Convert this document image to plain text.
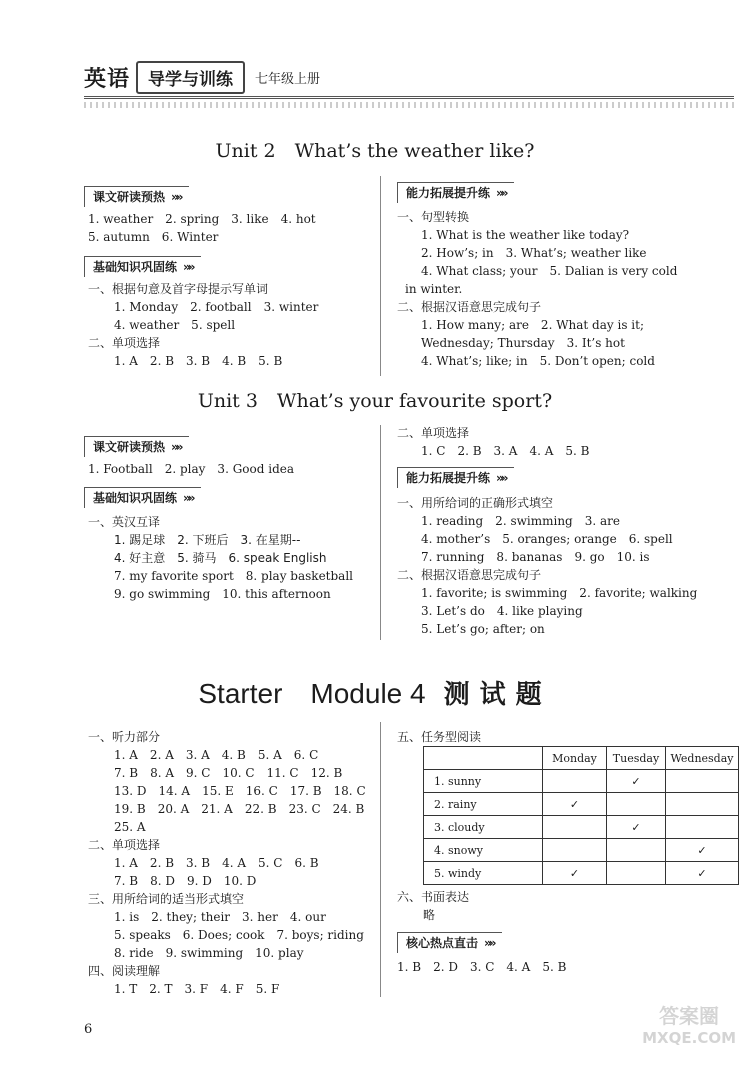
英语	导学与训练	七年级上册
Unit 2　What’s the weather like?
课文研读预热 »»
1. weather　2. spring　3. like　4. hot
5. autumn　6. Winter
基础知识巩固练 »»
一、根据句意及首字母提示写单词
1. Monday　2. football　3. winter
4. weather　5. spell
二、单项选择
1. A　2. B　3. B　4. B　5. B
能力拓展提升练 »»
一、句型转换
1. What is the weather like today?
2. How’s; in　3. What’s; weather like
4. What class; your　5. Dalian is very cold
in winter.
二、根据汉语意思完成句子
1. How many; are　2. What day is it;
Wednesday; Thursday　3. It’s hot
4. What’s; like; in　5. Don’t open; cold
Unit 3　What’s your favourite sport?
课文研读预热 »»
1. Football　2. play　3. Good idea
基础知识巩固练 »»
一、英汉互译
1. 踢足球　2. 下班后　3. 在星期--
4. 好主意　5. 骑马　6. speak English
7. my favorite sport　8. play basketball
9. go swimming　10. this afternoon
二、单项选择
1. C　2. B　3. A　4. A　5. B
能力拓展提升练 »»
一、用所给词的正确形式填空
1. reading　2. swimming　3. are
4. mother’s　5. oranges; orange　6. spell
7. running　8. bananas　9. go　10. is
二、根据汉语意思完成句子
1. favorite; is swimming　2. favorite; walking
3. Let’s do　4. like playing
5. Let’s go; after; on
Starter　Module 4 测试题
一、听力部分
1. A　2. A　3. A　4. B　5. A　6. C
7. B　8. A　9. C　10. C　11. C　12. B
13. D　14. A　15. E　16. C　17. B　18. C
19. B　20. A　21. A　22. B　23. C　24. B
25. A
二、单项选择
1. A　2. B　3. B　4. A　5. C　6. B
7. B　8. D　9. D　10. D
三、用所给词的适当形式填空
1. is　2. they; their　3. her　4. our
5. speaks　6. Does; cook　7. boys; riding
8. ride　9. swimming　10. play
四、阅读理解
1. T　2. T　3. F　4. F　5. F
五、任务型阅读
	Monday	Tuesday	Wednesday
1. sunny		✓	
2. rainy	✓		
3. cloudy		✓	
4. snowy			✓
5. windy	✓		✓
六、书面表达
略
核心热点直击 »»
1. B　2. D　3. C　4. A　5. B
6
答案圈
MXQE.COM
